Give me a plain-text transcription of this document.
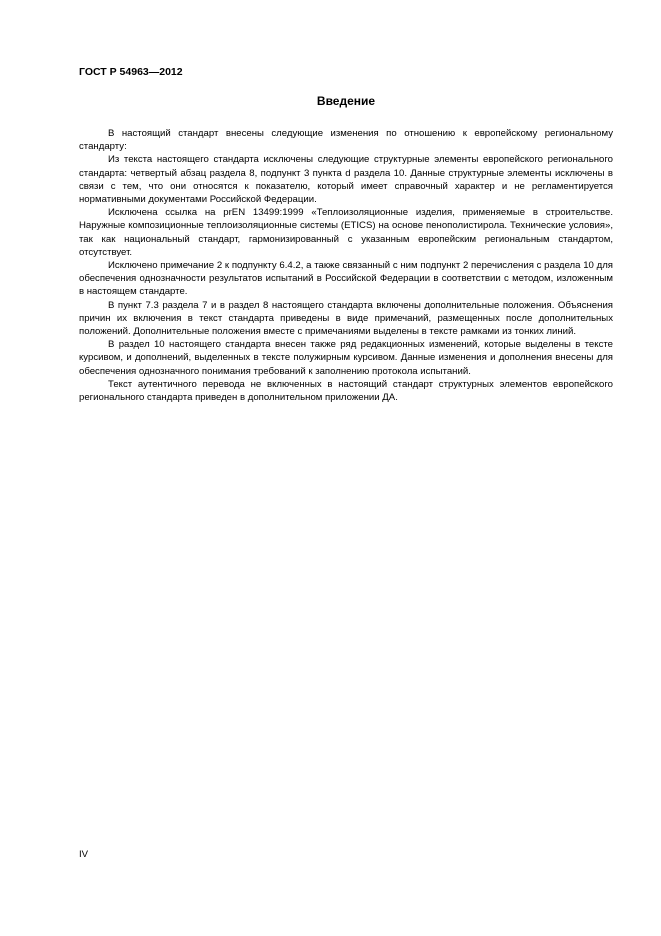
ГОСТ Р 54963—2012
Введение

В настоящий стандарт внесены следующие изменения по отношению к европейскому региональному стандарту:

Из текста настоящего стандарта исключены следующие структурные элементы европейского регионального стандарта: четвертый абзац раздела 8, подпункт 3 пункта d раздела 10. Данные структурные элементы исключены в связи с тем, что они относятся к показателю, который имеет справочный характер и не регламентируется нормативными документами Российской Федерации.

Исключена ссылка на prEN 13499:1999 «Теплоизоляционные изделия, применяемые в строительстве. Наружные композиционные теплоизоляционные системы (ETICS) на основе пенополистирола. Технические условия», так как национальный стандарт, гармонизированный с указанным европейским региональным стандартом, отсутствует.

Исключено примечание 2 к подпункту 6.4.2, а также связанный с ним подпункт 2 перечисления с раздела 10 для обеспечения однозначности результатов испытаний в Российской Федерации в соответствии с методом, изложенным в настоящем стандарте.

В пункт 7.3 раздела 7 и в раздел 8 настоящего стандарта включены дополнительные положения. Объяснения причин их включения в текст стандарта приведены в виде примечаний, размещенных после дополнительных положений. Дополнительные положения вместе с примечаниями выделены в тексте рамками из тонких линий.

В раздел 10 настоящего стандарта внесен также ряд редакционных изменений, которые выделены в тексте курсивом, и дополнений, выделенных в тексте полужирным курсивом. Данные изменения и дополнения внесены для обеспечения однозначного понимания требований к заполнению протокола испытаний.

Текст аутентичного перевода не включенных в настоящий стандарт структурных элементов европейского регионального стандарта приведен в дополнительном приложении ДА.

IV
